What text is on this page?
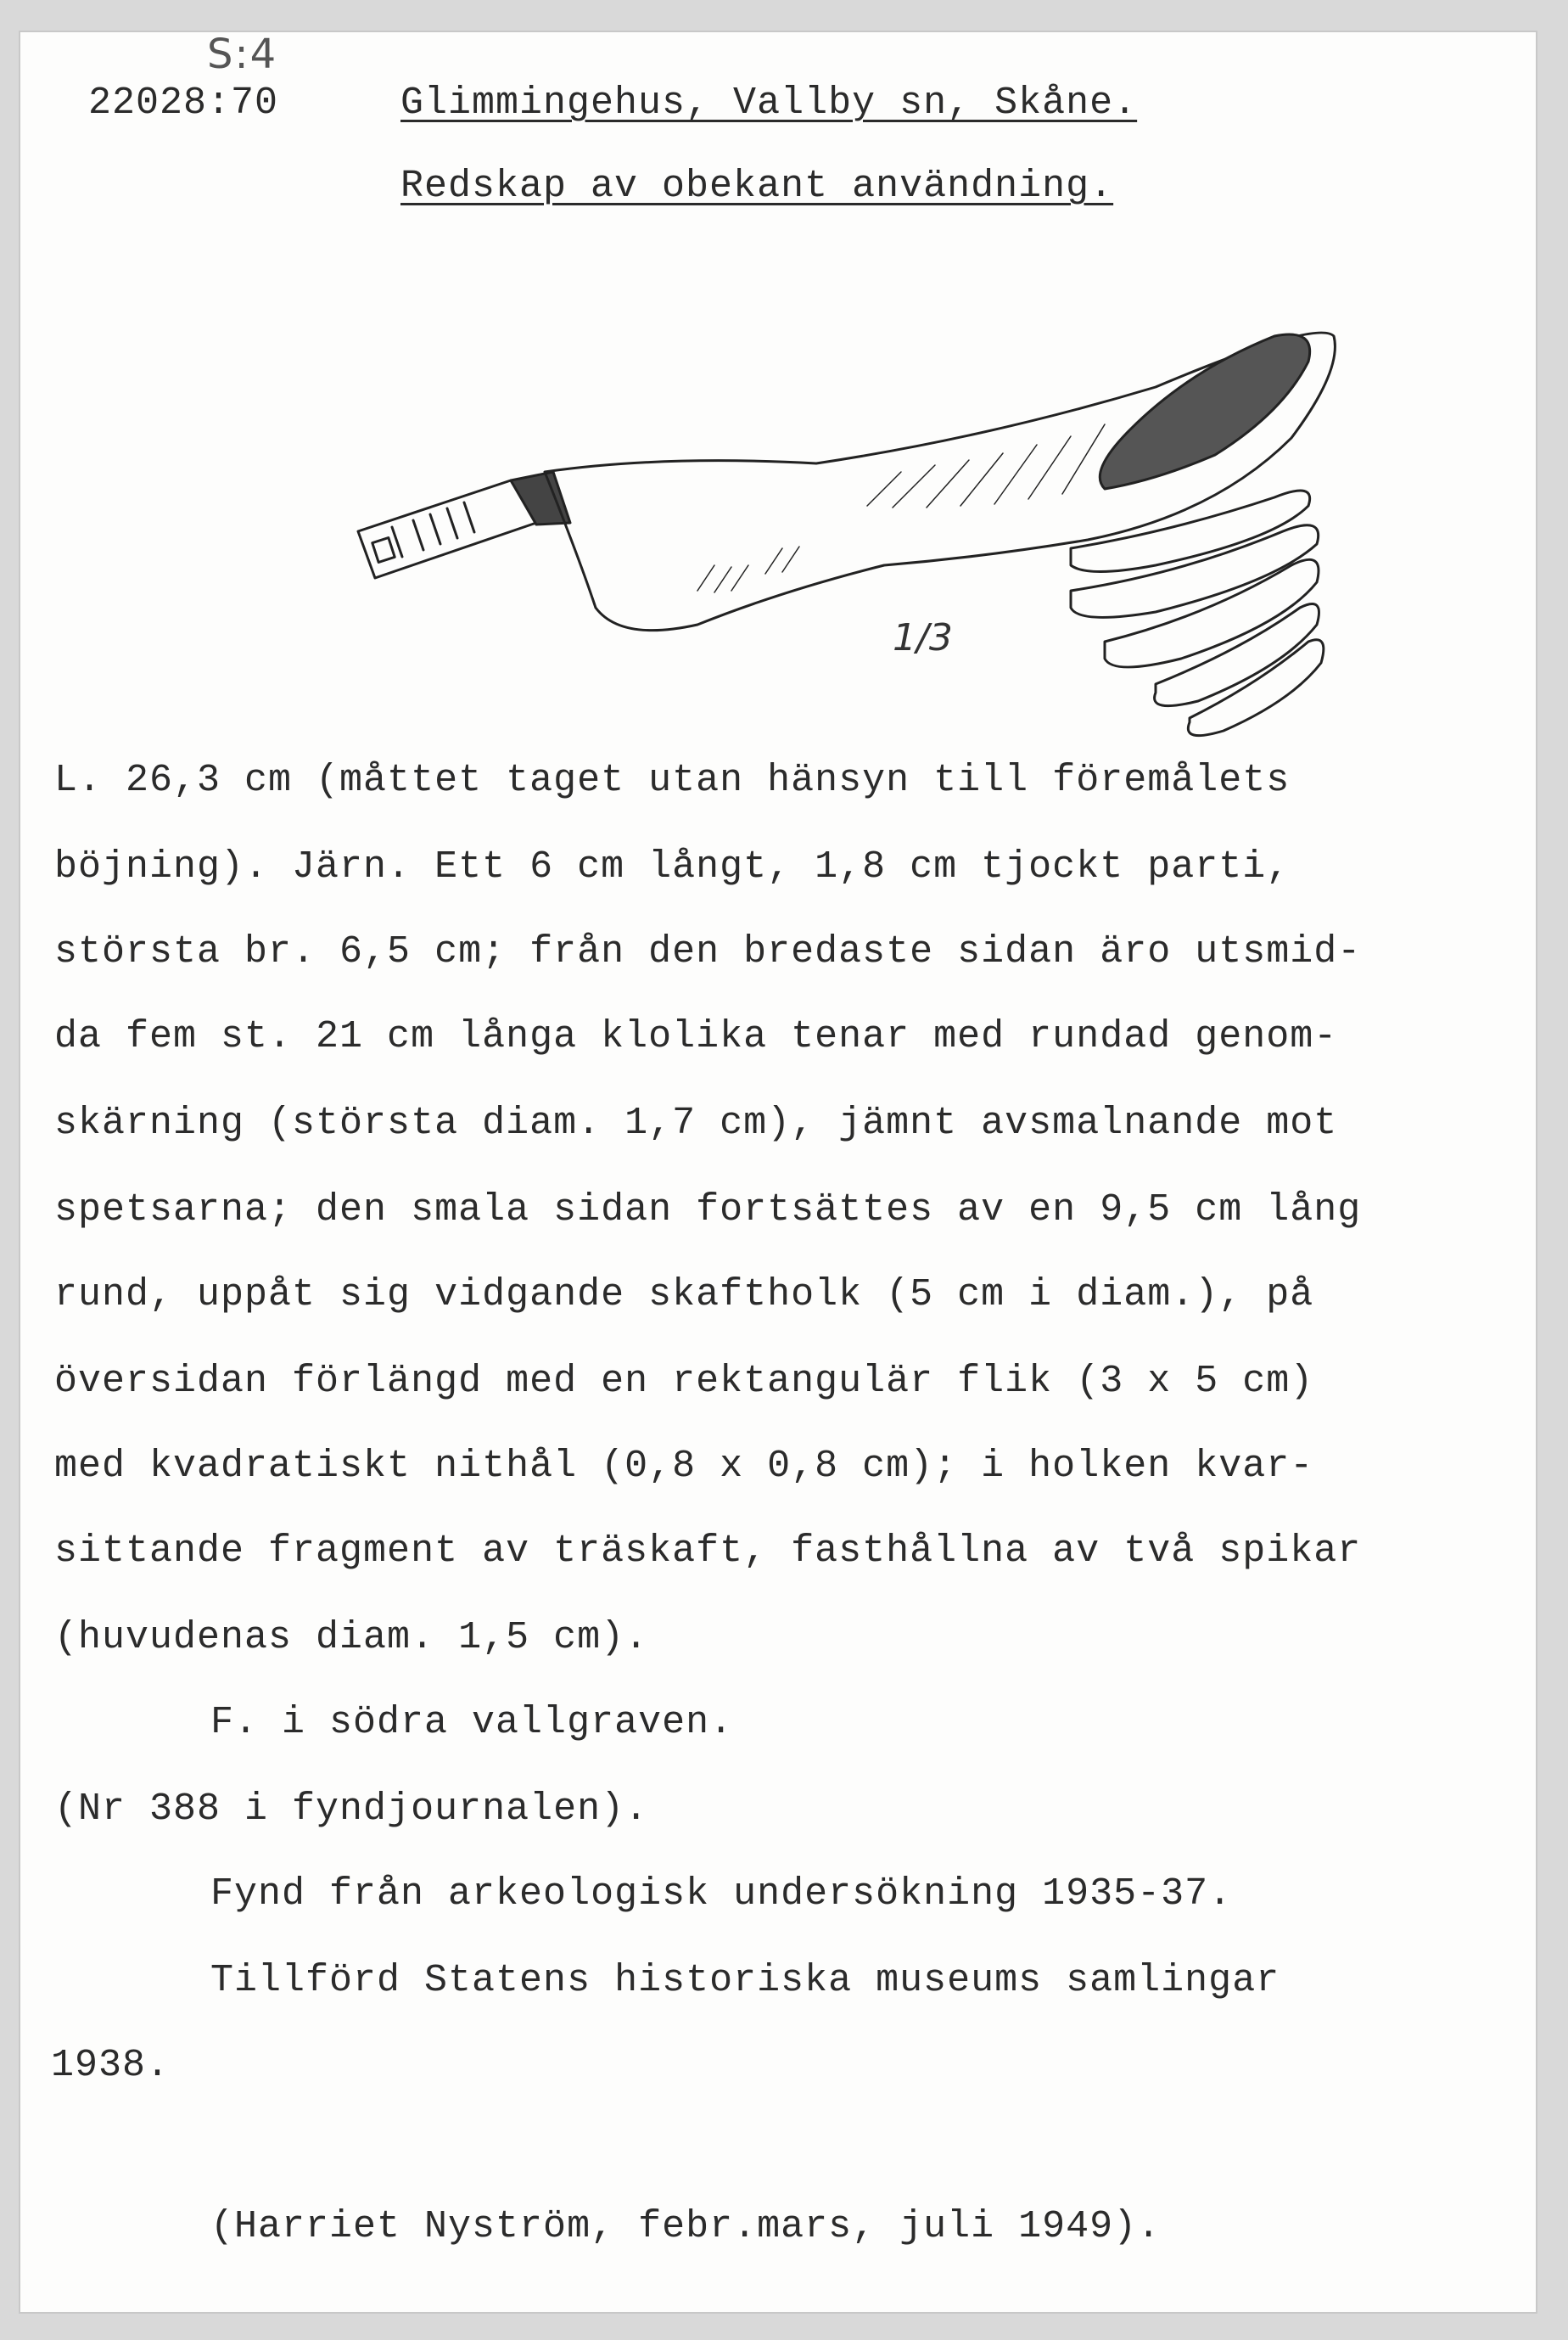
S:4
22028:70	Glimmingehus, Vallby sn, Skåne.
Redskap av obekant användning.
1/3
L. 26,3 cm (måttet taget utan hänsyn till föremålets
böjning). Järn. Ett 6 cm långt, 1,8 cm tjockt parti,
största br. 6,5 cm; från den bredaste sidan äro utsmid-
da fem st. 21 cm långa klolika tenar med rundad genom-
skärning (största diam. 1,7 cm), jämnt avsmalnande mot
spetsarna; den smala sidan fortsättes av en 9,5 cm lång
rund, uppåt sig vidgande skaftholk (5 cm i diam.), på
översidan förlängd med en rektangulär flik (3 x 5 cm)
med kvadratiskt nithål (0,8 x 0,8 cm); i holken kvar-
sittande fragment av träskaft, fasthållna av två spikar
(huvudenas diam. 1,5 cm).
F. i södra vallgraven.
(Nr 388 i fyndjournalen).
Fynd från arkeologisk undersökning 1935-37.
Tillförd Statens historiska museums samlingar
1938.
(Harriet Nyström, febr.mars, juli 1949).
